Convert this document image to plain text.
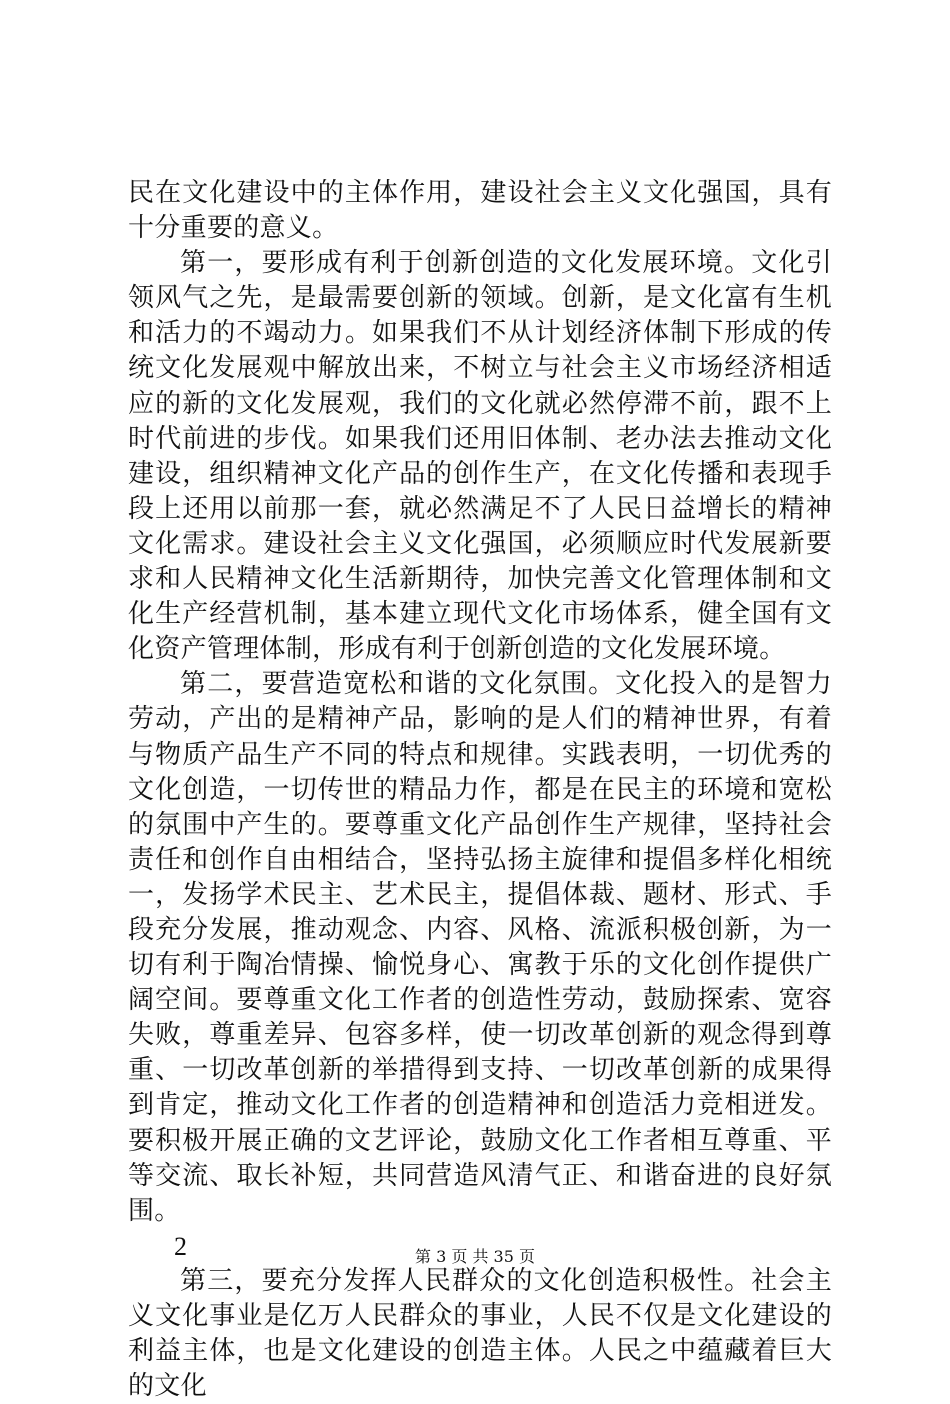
民在文化建设中的主体作用，建设社会主义文化强国，具有十分重要的意义。

第一，要形成有利于创新创造的文化发展环境。文化引领风气之先，是最需要创新的领域。创新，是文化富有生机和活力的不竭动力。如果我们不从计划经济体制下形成的传统文化发展观中解放出来，不树立与社会主义市场经济相适应的新的文化发展观，我们的文化就必然停滞不前，跟不上时代前进的步伐。如果我们还用旧体制、老办法去推动文化建设，组织精神文化产品的创作生产，在文化传播和表现手段上还用以前那一套，就必然满足不了人民日益增长的精神文化需求。建设社会主义文化强国，必须顺应时代发展新要求和人民精神文化生活新期待，加快完善文化管理体制和文化生产经营机制，基本建立现代文化市场体系，健全国有文化资产管理体制，形成有利于创新创造的文化发展环境。

第二，要营造宽松和谐的文化氛围。文化投入的是智力劳动，产出的是精神产品，影响的是人们的精神世界，有着与物质产品生产不同的特点和规律。实践表明，一切优秀的文化创造，一切传世的精品力作，都是在民主的环境和宽松的氛围中产生的。要尊重文化产品创作生产规律，坚持社会责任和创作自由相结合，坚持弘扬主旋律和提倡多样化相统一，发扬学术民主、艺术民主，提倡体裁、题材、形式、手段充分发展，推动观念、内容、风格、流派积极创新，为一切有利于陶冶情操、愉悦身心、寓教于乐的文化创作提供广阔空间。要尊重文化工作者的创造性劳动，鼓励探索、宽容失败，尊重差异、包容多样，使一切改革创新的观念得到尊重、一切改革创新的举措得到支持、一切改革创新的成果得到肯定，推动文化工作者的创造精神和创造活力竞相迸发。要积极开展正确的文艺评论，鼓励文化工作者相互尊重、平等交流、取长补短，共同营造风清气正、和谐奋进的良好氛围。

2

第三，要充分发挥人民群众的文化创造积极性。社会主义文化事业是亿万人民群众的事业，人民不仅是文化建设的利益主体，也是文化建设的创造主体。人民之中蕴藏着巨大的文化

第 3 页 共 35 页
